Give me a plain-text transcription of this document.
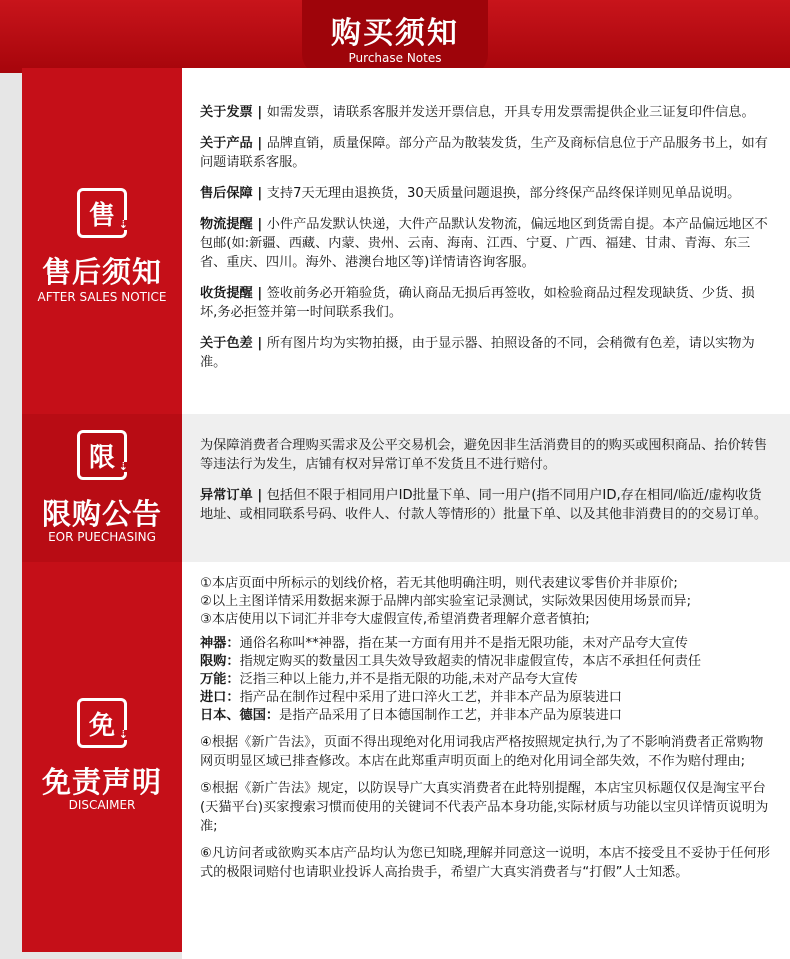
购买须知
Purchase Notes
售 ⇣
售后须知
AFTER SALES NOTICE

关于发票 | 如需发票，请联系客服并发送开票信息，开具专用发票需提供企业三证复印件信息。

关于产品 | 品牌直销，质量保障。部分产品为散装发货，生产及商标信息位于产品服务书上，如有问题请联系客服。

售后保障 | 支持7天无理由退换货，30天质量问题退换，部分终保产品终保详则见单品说明。

物流提醒 | 小件产品发默认快递，大件产品默认发物流，偏远地区到货需自提。本产品偏远地区不包邮(如:新疆、西藏、内蒙、贵州、云南、海南、江西、宁夏、广西、福建、甘肃、青海、东三省、重庆、四川。海外、港澳台地区等)详情请咨询客服。

收货提醒 | 签收前务必开箱验货，确认商品无损后再签收，如检验商品过程发现缺货、少货、损坏,务必拒签并第一时间联系我们。

关于色差 | 所有图片均为实物拍摄，由于显示器、拍照设备的不同，会稍微有色差，请以实物为准。

限 ⇣
限购公告
EOR PUECHASING

为保障消费者合理购买需求及公平交易机会，避免因非生活消费目的的购买或囤积商品、抬价转售等违法行为发生，店铺有权对异常订单不发货且不进行赔付。

异常订单 | 包括但不限于相同用户ID批量下单、同一用户(指不同用户ID,存在相同/临近/虚构收货地址、或相同联系号码、收件人、付款人等情形的）批量下单、以及其他非消费目的的交易订单。

免 ⇣
免责声明
DISCAIMER
①本店页面中所标示的划线价格，若无其他明确注明，则代表建议零售价并非原价;
②以上主图详情采用数据来源于品牌内部实验室记录测试，实际效果因使用场景而异;
③本店使用以下词汇并非夸大虚假宣传,希望消费者理解介意者慎拍;
神器：通俗名称叫**神器，指在某一方面有用并不是指无限功能，未对产品夸大宣传
限购：指规定购买的数量因工具失效导致超卖的情况非虚假宣传，本店不承担任何责任
万能：泛指三种以上能力,并不是指无限的功能,未对产品夸大宣传
进口：指产品在制作过程中采用了进口淬火工艺，并非本产品为原装进口
日本、德国：是指产品采用了日本德国制作工艺，并非本产品为原装进口

④根据《新广告法》，页面不得出现绝对化用词我店严格按照规定执行,为了不影响消费者正常购物网页明显区域已排查修改。本店在此郑重声明页面上的绝对化用词全部失效，不作为赔付理由;

⑤根据《新广告法》规定，以防误导广大真实消费者在此特别提醒，本店宝贝标题仅仅是淘宝平台(天猫平台)买家搜索习惯而使用的关键词不代表产品本身功能,实际材质与功能以宝贝详情页说明为准;

⑥凡访问者或欲购买本店产品均认为您已知晓,理解并同意这一说明，本店不接受且不妥协于任何形式的极限词赔付也请职业投诉人高抬贵手，希望广大真实消费者与“打假”人士知悉。
